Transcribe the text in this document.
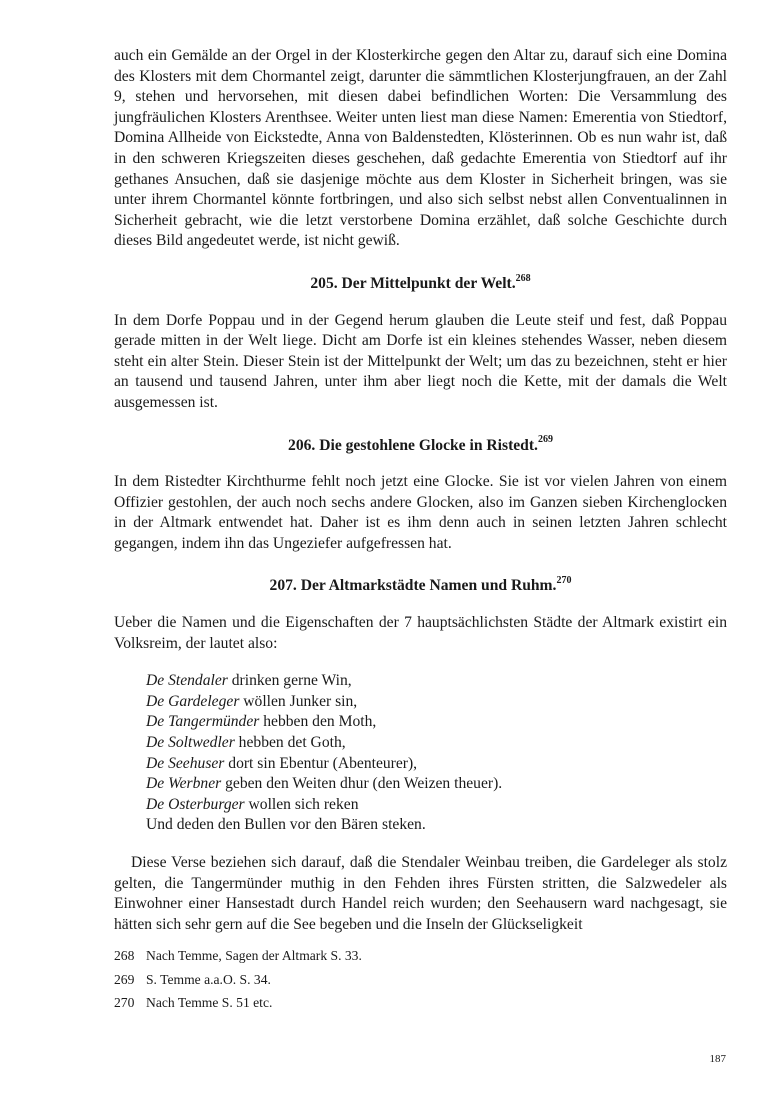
auch ein Gemälde an der Orgel in der Klosterkirche gegen den Altar zu, darauf sich eine Domina des Klosters mit dem Chormantel zeigt, darunter die sämmtlichen Klosterjungfrauen, an der Zahl 9, stehen und hervorsehen, mit diesen dabei befindlichen Worten: Die Versammlung des jungfräulichen Klosters Arenthsee. Weiter unten liest man diese Namen: Emerentia von Stiedtorf, Domina Allheide von Eickstedte, Anna von Baldenstedten, Klösterinnen. Ob es nun wahr ist, daß in den schweren Kriegszeiten dieses geschehen, daß gedachte Emerentia von Stiedtorf auf ihr gethanes Ansuchen, daß sie dasjenige möchte aus dem Kloster in Sicherheit bringen, was sie unter ihrem Chormantel könnte fortbringen, und also sich selbst nebst allen Conventualinnen in Sicherheit gebracht, wie die letzt verstorbene Domina erzählet, daß solche Geschichte durch dieses Bild angedeutet werde, ist nicht gewiß.

205. Der Mittelpunkt der Welt.$^{268}$

In dem Dorfe Poppau und in der Gegend herum glauben die Leute steif und fest, daß Poppau gerade mitten in der Welt liege. Dicht am Dorfe ist ein kleines stehendes Wasser, neben diesem steht ein alter Stein. Dieser Stein ist der Mittelpunkt der Welt; um das zu bezeichnen, steht er hier an tausend und tausend Jahren, unter ihm aber liegt noch die Kette, mit der damals die Welt ausgemessen ist.

206. Die gestohlene Glocke in Ristedt.$^{269}$

In dem Ristedter Kirchthurme fehlt noch jetzt eine Glocke. Sie ist vor vielen Jahren von einem Offizier gestohlen, der auch noch sechs andere Glocken, also im Ganzen sieben Kirchenglocken in der Altmark entwendet hat. Daher ist es ihm denn auch in seinen letzten Jahren schlecht gegangen, indem ihn das Ungeziefer aufgefressen hat.

207. Der Altmarkstädte Namen und Ruhm.$^{270}$

Ueber die Namen und die Eigenschaften der 7 hauptsächlichsten Städte der Altmark existirt ein Volksreim, der lautet also:

De Stendaler drinken gerne Win,
De Gardeleger wöllen Junker sin,
De Tangermünder hebben den Moth,
De Soltwedler hebben det Goth,
De Seehuser dort sin Ebentur (Abenteurer),
De Werbner geben den Weiten dhur (den Weizen theuer).
De Osterburger wollen sich reken
Und deden den Bullen vor den Bären steken.

Diese Verse beziehen sich darauf, daß die Stendaler Weinbau treiben, die Gardeleger als stolz gelten, die Tangermünder muthig in den Fehden ihres Fürsten stritten, die Salzwedeler als Einwohner einer Hansestadt durch Handel reich wurden; den Seehausern ward nachgesagt, sie hätten sich sehr gern auf die See begeben und die Inseln der Glückseligkeit

268 Nach Temme, Sagen der Altmark S. 33.
269 S. Temme a.a.O. S. 34.
270 Nach Temme S. 51 etc.
187
